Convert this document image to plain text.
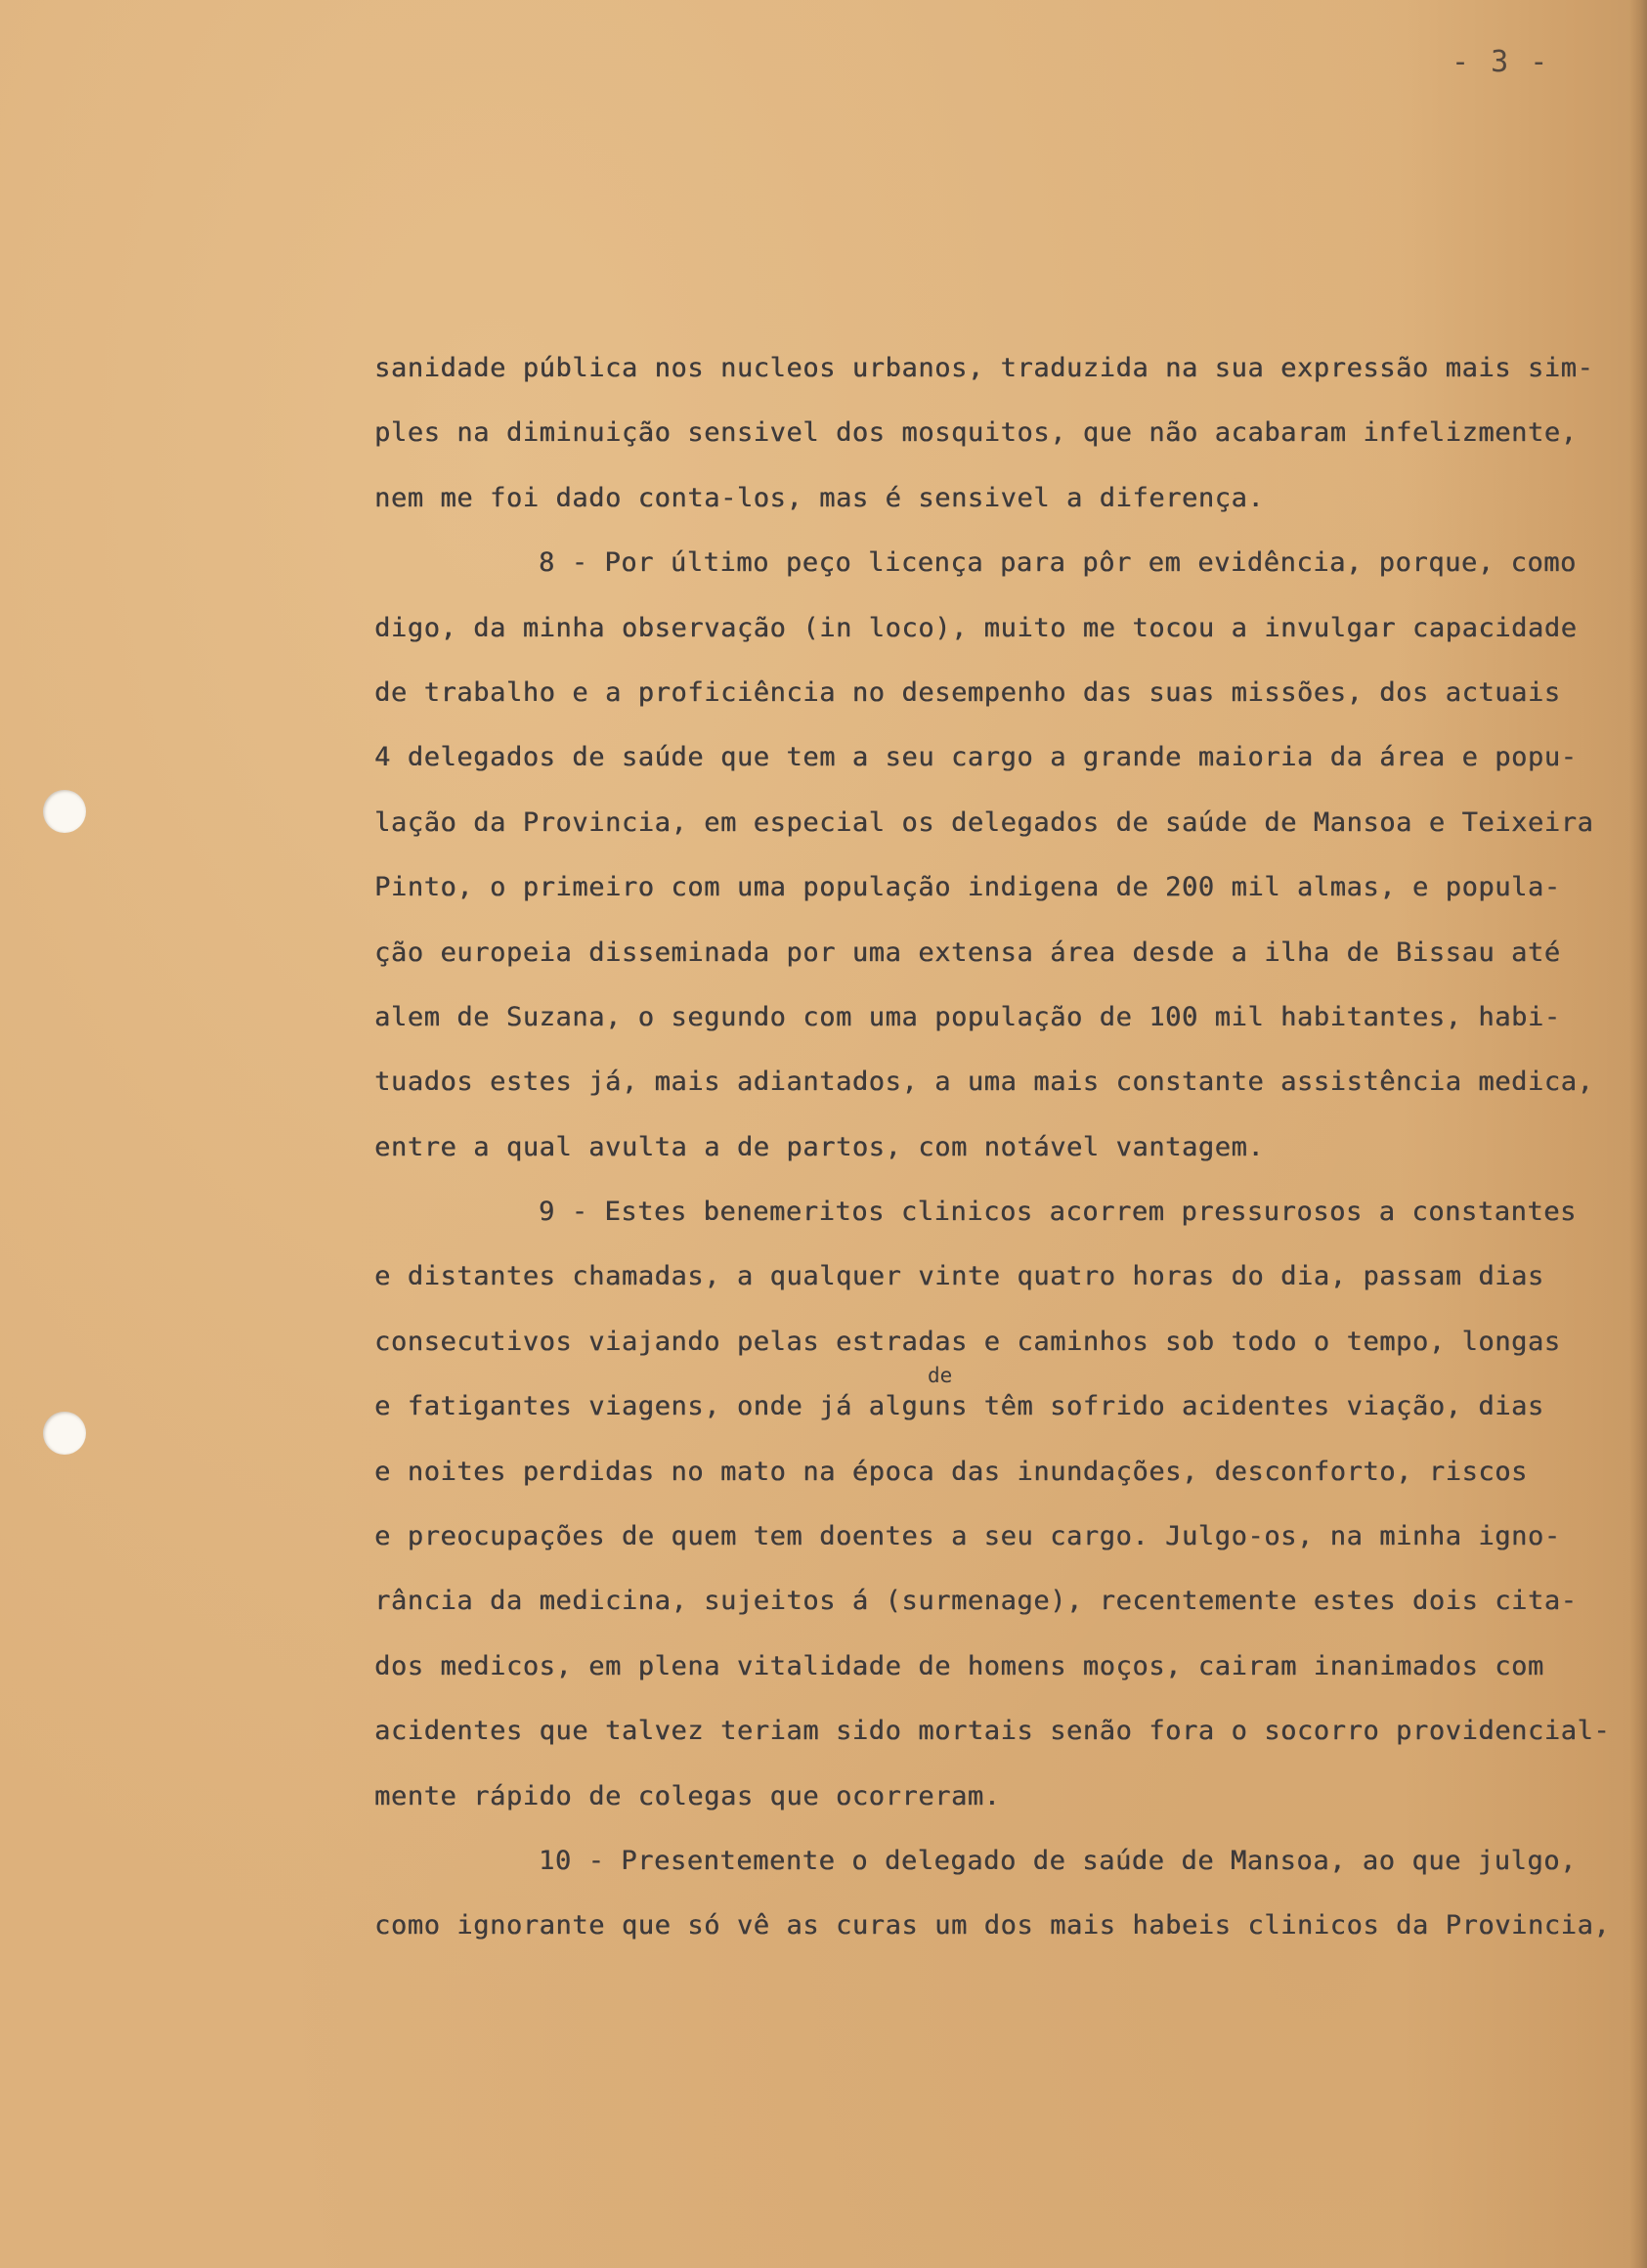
- 3 -
sanidade pública nos nucleos urbanos, traduzida na sua expressão mais sim-
ples na diminuição sensivel dos mosquitos, que não acabaram infelizmente,
nem me foi dado conta-los, mas é sensivel a diferença.
8 - Por último peço licença para pôr em evidência, porque, como
digo, da minha observação (in loco), muito me tocou a invulgar capacidade
de trabalho e a proficiência no desempenho das suas missões, dos actuais
4 delegados de saúde que tem a seu cargo a grande maioria da área e popu-
lação da Provincia, em especial os delegados de saúde de Mansoa e Teixeira
Pinto, o primeiro com uma população indigena de 200 mil almas, e popula-
ção europeia disseminada por uma extensa área desde a ilha de Bissau até
alem de Suzana, o segundo com uma população de 100 mil habitantes, habi-
tuados estes já, mais adiantados, a uma mais constante assistência medica,
entre a qual avulta a de partos, com notável vantagem.
9 - Estes benemeritos clinicos acorrem pressurosos a constantes
e distantes chamadas, a qualquer vinte quatro horas do dia, passam dias
consecutivos viajando pelas estradas e caminhos sob todo o tempo, longas
e fatigantes viagens, onde já alguns têm sofrido acidentes viação, dias
e noites perdidas no mato na época das inundações, desconforto, riscos
e preocupações de quem tem doentes a seu cargo. Julgo-os, na minha igno-
rância da medicina, sujeitos á (surmenage), recentemente estes dois cita-
dos medicos, em plena vitalidade de homens moços, cairam inanimados com
acidentes que talvez teriam sido mortais senão fora o socorro providencial-
mente rápido de colegas que ocorreram.
10 - Presentemente o delegado de saúde de Mansoa, ao que julgo,
como ignorante que só vê as curas um dos mais habeis clinicos da Provincia,
de
